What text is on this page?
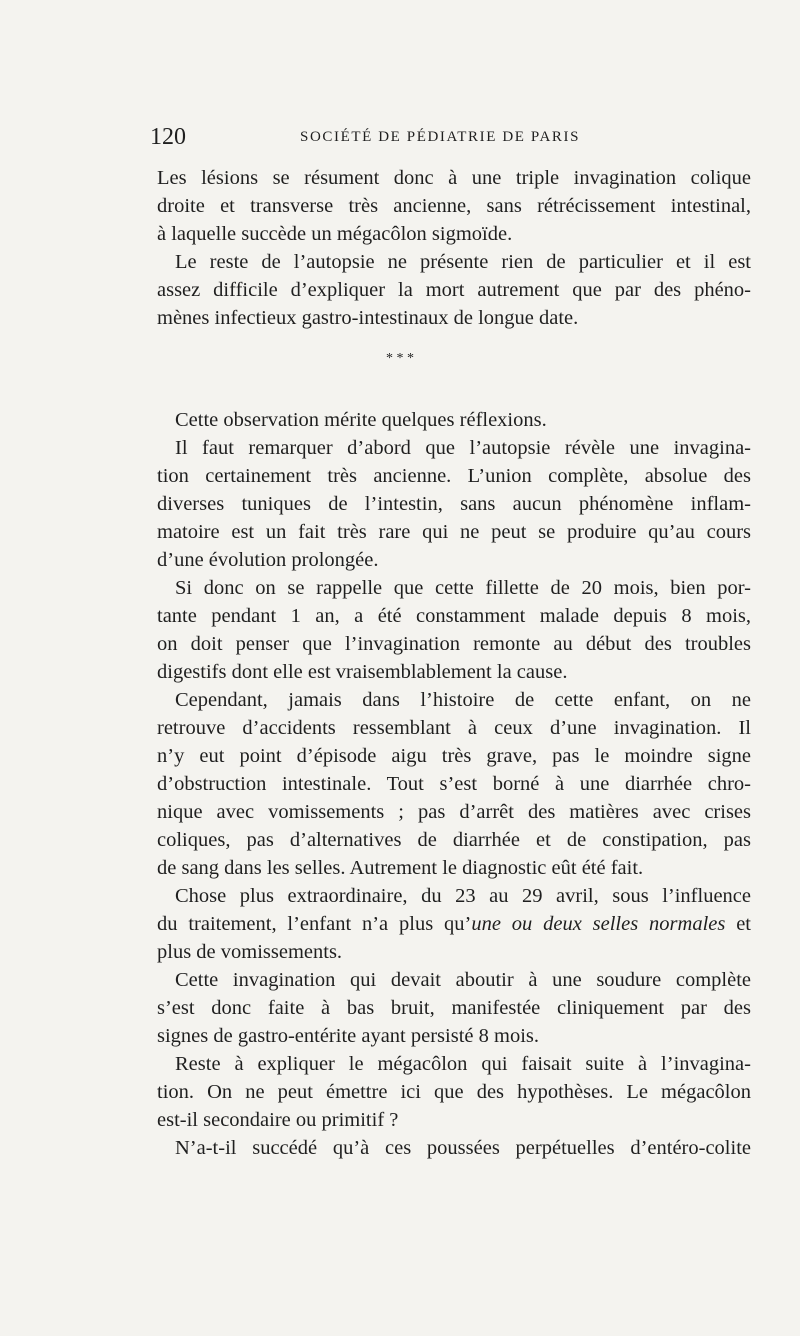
120	SOCIÉTÉ DE PÉDIATRIE DE PARIS
Les lésions se résument donc à une triple invagination colique
droite et transverse très ancienne, sans rétrécissement intestinal,
à laquelle succède un mégacôlon sigmoïde.
Le reste de l’autopsie ne présente rien de particulier et il est
assez difficile d’expliquer la mort autrement que par des phéno-
mènes infectieux gastro-intestinaux de longue date.
* * *
Cette observation mérite quelques réflexions.
Il faut remarquer d’abord que l’autopsie révèle une invagina-
tion certainement très ancienne. L’union complète, absolue des
diverses tuniques de l’intestin, sans aucun phénomène inflam-
matoire est un fait très rare qui ne peut se produire qu’au cours
d’une évolution prolongée.
Si donc on se rappelle que cette fillette de 20 mois, bien por-
tante pendant 1 an, a été constamment malade depuis 8 mois,
on doit penser que l’invagination remonte au début des troubles
digestifs dont elle est vraisemblablement la cause.
Cependant, jamais dans l’histoire de cette enfant, on ne
retrouve d’accidents ressemblant à ceux d’une invagination. Il
n’y eut point d’épisode aigu très grave, pas le moindre signe
d’obstruction intestinale. Tout s’est borné à une diarrhée chro-
nique avec vomissements ; pas d’arrêt des matières avec crises
coliques, pas d’alternatives de diarrhée et de constipation, pas
de sang dans les selles. Autrement le diagnostic eût été fait.
Chose plus extraordinaire, du 23 au 29 avril, sous l’influence
du traitement, l’enfant n’a plus qu’une ou deux selles normales et
plus de vomissements.
Cette invagination qui devait aboutir à une soudure complète
s’est donc faite à bas bruit, manifestée cliniquement par des
signes de gastro-entérite ayant persisté 8 mois.
Reste à expliquer le mégacôlon qui faisait suite à l’invagina-
tion. On ne peut émettre ici que des hypothèses. Le mégacôlon
est-il secondaire ou primitif ?
N’a-t-il succédé qu’à ces poussées perpétuelles d’entéro-colite
